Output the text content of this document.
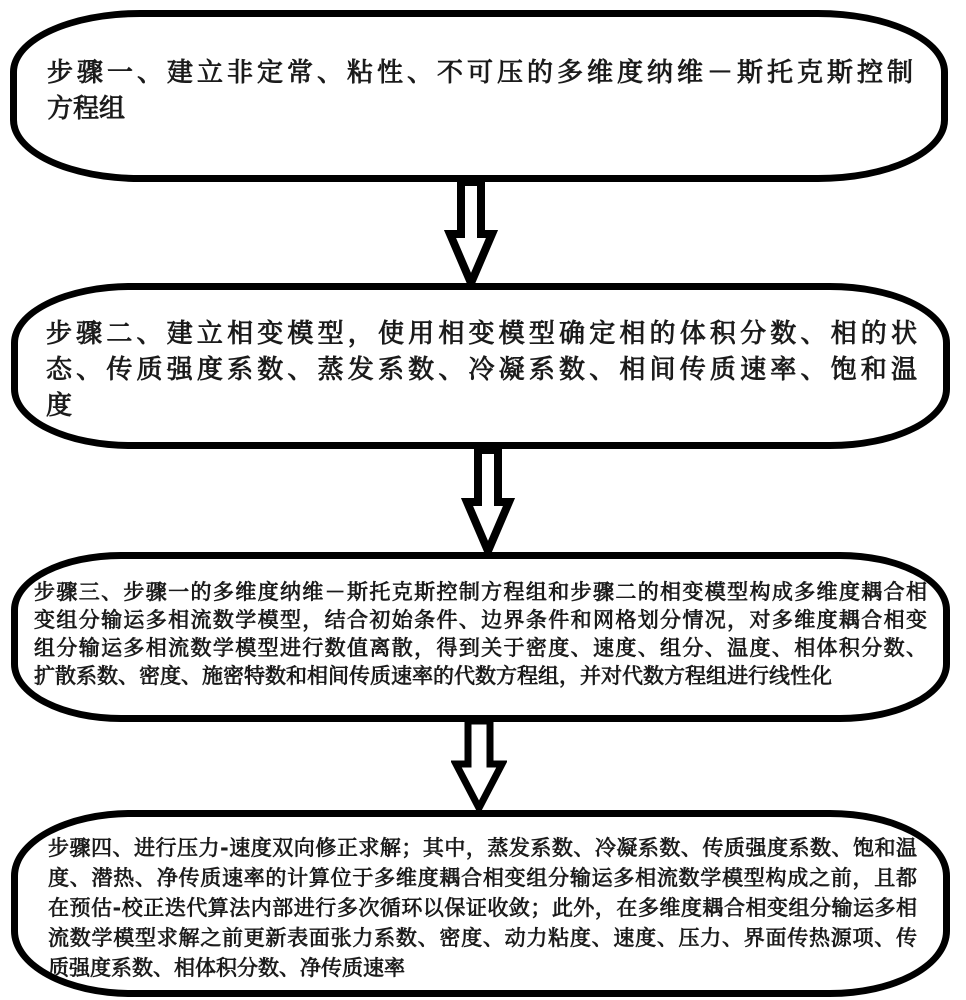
步骤一、建立非定常、粘性、不可压的多维度纳维－斯托克斯控制
方程组
步骤二、建立相变模型，使用相变模型确定相的体积分数、相的状
态、传质强度系数、蒸发系数、冷凝系数、相间传质速率、饱和温
度
步骤三、步骤一的多维度纳维－斯托克斯控制方程组和步骤二的相变模型构成多维度耦合相
变组分输运多相流数学模型，结合初始条件、边界条件和网格划分情况，对多维度耦合相变
组分输运多相流数学模型进行数值离散，得到关于密度、速度、组分、温度、相体积分数、
扩散系数、密度、施密特数和相间传质速率的代数方程组，并对代数方程组进行线性化
步骤四、进行压力-速度双向修正求解；其中，蒸发系数、冷凝系数、传质强度系数、饱和温
度、潜热、净传质速率的计算位于多维度耦合相变组分输运多相流数学模型构成之前，且都
在预估-校正迭代算法内部进行多次循环以保证收敛；此外，在多维度耦合相变组分输运多相
流数学模型求解之前更新表面张力系数、密度、动力粘度、速度、压力、界面传热源项、传
质强度系数、相体积分数、净传质速率
